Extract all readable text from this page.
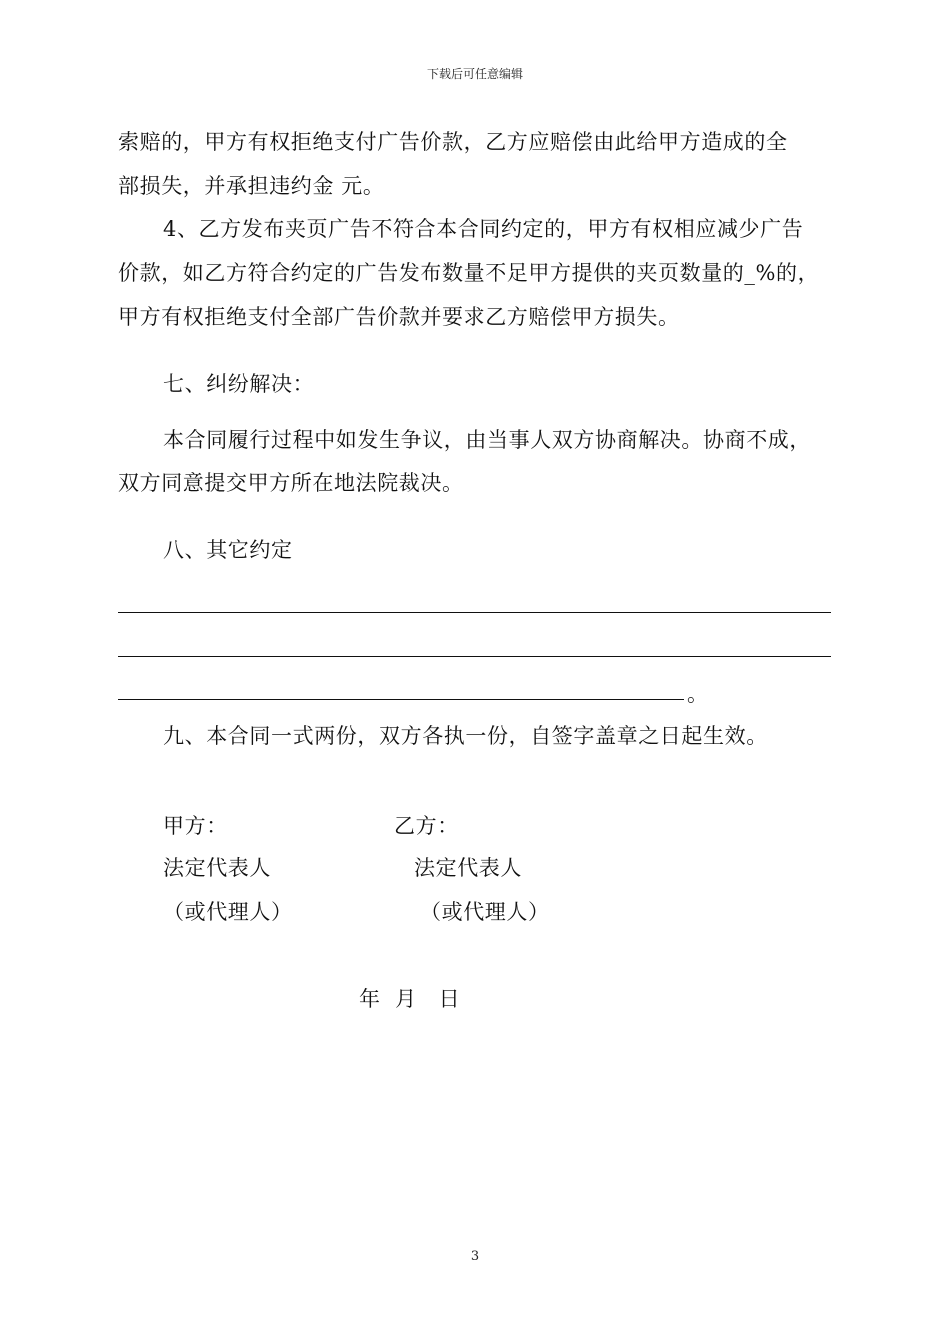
下载后可任意编辑
索赔的，甲方有权拒绝支付广告价款，乙方应赔偿由此给甲方造成的全
部损失，并承担违约金 元。
4、乙方发布夹页广告不符合本合同约定的，甲方有权相应减少广告
价款，如乙方符合约定的广告发布数量不足甲方提供的夹页数量的_%的，
甲方有权拒绝支付全部广告价款并要求乙方赔偿甲方损失。
七、纠纷解决：
本合同履行过程中如发生争议，由当事人双方协商解决。协商不成，
双方同意提交甲方所在地法院裁决。
八、其它约定
。
九、本合同一式两份，双方各执一份，自签字盖章之日起生效。
甲方：	乙方：
法定代表人	法定代表人
（或代理人）	（或代理人）
年  月   日
3
